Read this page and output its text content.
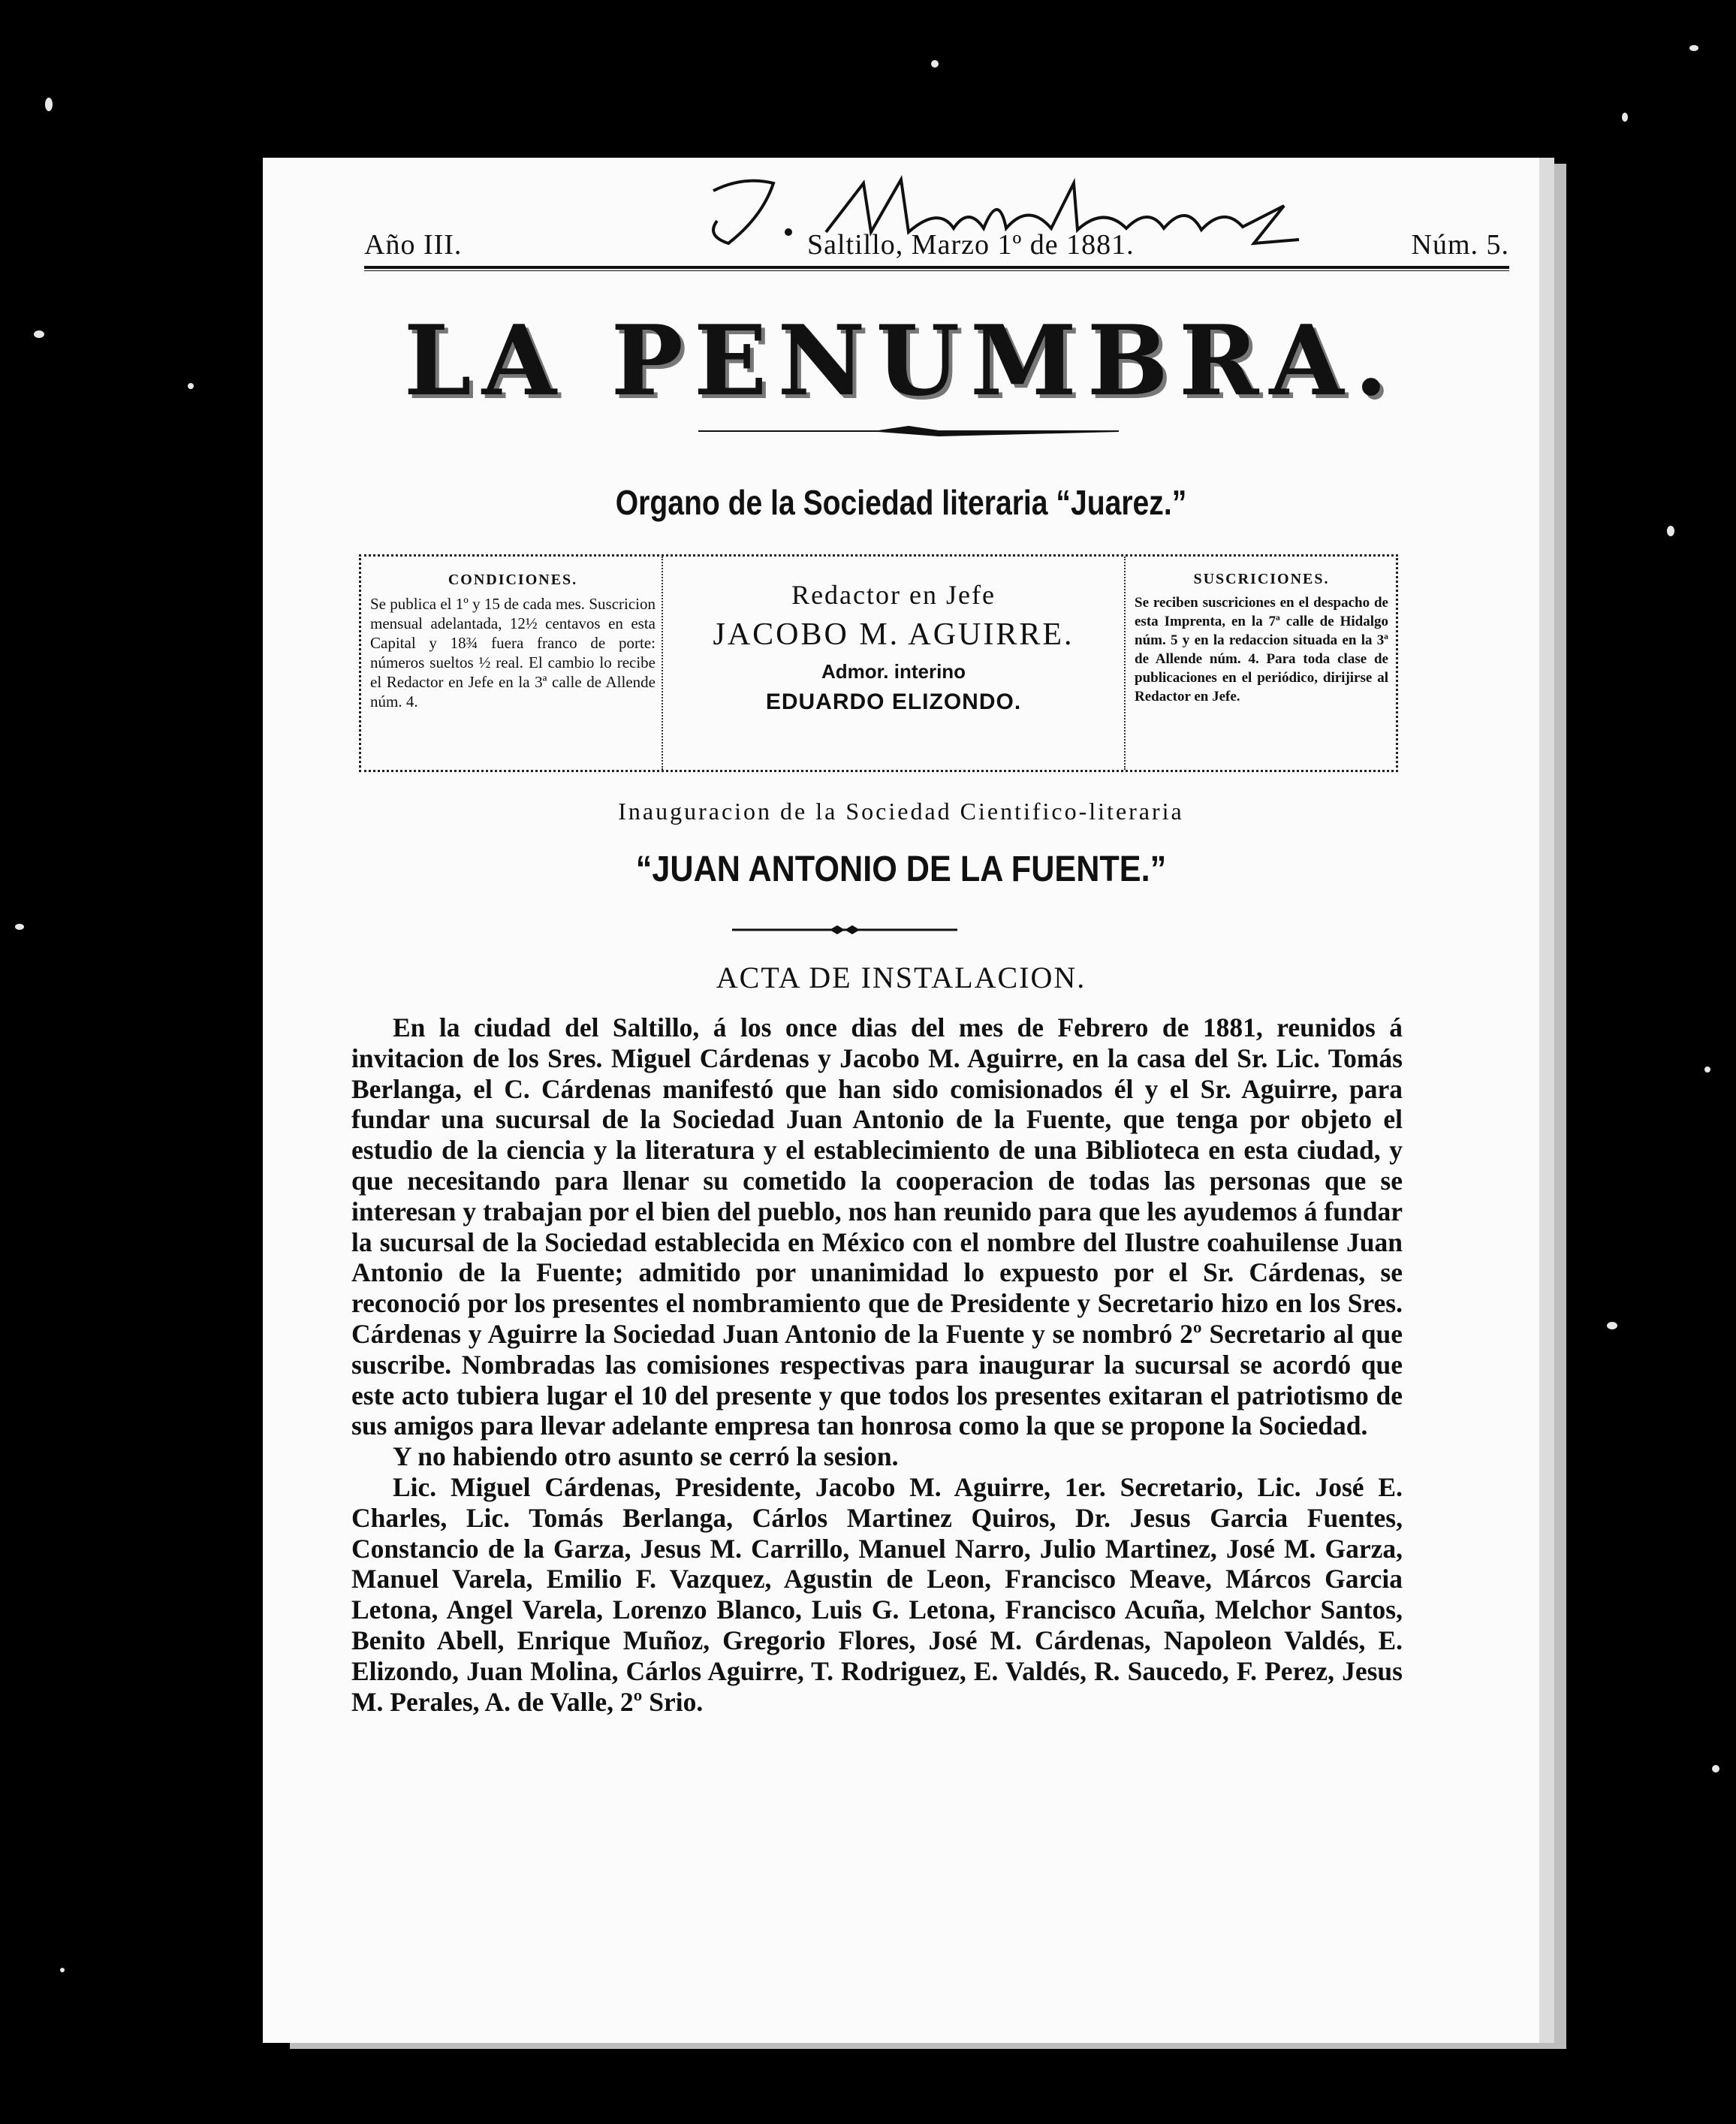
Año III.	Saltillo, Marzo 1º de 1881.	Núm. 5.
LA PENUMBRA.
Organo de la Sociedad literaria “Juarez.”
CONDICIONES.
Se publica el 1º y 15 de cada mes. Suscricion mensual adelantada, 12½ centavos en esta Capital y 18¾ fuera franco de porte: números sueltos ½ real. El cambio lo recibe el Redactor en Jefe en la 3ª calle de Allende núm. 4.
Redactor en Jefe
JACOBO M. AGUIRRE.
Admor. interino
EDUARDO ELIZONDO.
SUSCRICIONES.
Se reciben suscriciones en el despacho de esta Imprenta, en la 7ª calle de Hidalgo núm. 5 y en la redaccion situada en la 3ª de Allende núm. 4. Para toda clase de publicaciones en el periódico, dirijirse al Redactor en Jefe.
Inauguracion de la Sociedad Cientifico-literaria
“JUAN ANTONIO DE LA FUENTE.”
ACTA DE INSTALACION.

En la ciudad del Saltillo, á los once dias del mes de Febrero de 1881, reunidos á invitacion de los Sres. Miguel Cárdenas y Jacobo M. Aguirre, en la casa del Sr. Lic. Tomás Berlanga, el C. Cárdenas manifestó que han sido comisionados él y el Sr. Aguirre, para fundar una sucursal de la Sociedad Juan Antonio de la Fuente, que tenga por objeto el estudio de la ciencia y la literatura y el establecimiento de una Biblioteca en esta ciudad, y que necesitando para llenar su cometido la cooperacion de todas las personas que se interesan y trabajan por el bien del pueblo, nos han reunido para que les ayudemos á fundar la sucursal de la Sociedad establecida en México con el nombre del Ilustre coahuilense Juan Antonio de la Fuente; admitido por unanimidad lo expuesto por el Sr. Cárdenas, se reconoció por los presentes el nombramiento que de Presidente y Secretario hizo en los Sres. Cárdenas y Aguirre la Sociedad Juan Antonio de la Fuente y se nombró 2º Secretario al que suscribe. Nombradas las comisiones respectivas para inaugurar la sucursal se acordó que este acto tubiera lugar el 10 del presente y que todos los presentes exitaran el patriotismo de sus amigos para llevar adelante empresa tan honrosa como la que se propone la Sociedad.

Y no habiendo otro asunto se cerró la sesion.

Lic. Miguel Cárdenas, Presidente, Jacobo M. Aguirre, 1er. Secretario, Lic. José E. Charles, Lic. Tomás Berlanga, Cárlos Martinez Quiros, Dr. Jesus Garcia Fuentes, Constancio de la Garza, Jesus M. Carrillo, Manuel Narro, Julio Martinez, José M. Garza, Manuel Varela, Emilio F. Vazquez, Agustin de Leon, Francisco Meave, Márcos Garcia Letona, Angel Varela, Lorenzo Blanco, Luis G. Letona, Francisco Acuña, Melchor Santos, Benito Abell, Enrique Muñoz, Gregorio Flores, José M. Cárdenas, Napoleon Valdés, E. Elizondo, Juan Molina, Cárlos Aguirre, T. Rodriguez, E. Valdés, R. Saucedo, F. Perez, Jesus M. Perales, A. de Valle, 2º Srio.
